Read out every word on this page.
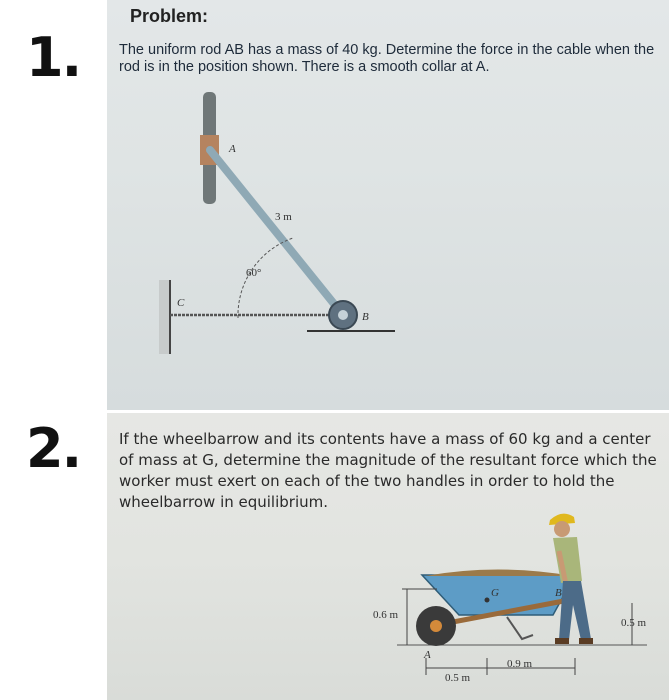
1.
2.
Problem:
The uniform rod AB has a mass of 40 kg. Determine the force in the cable when the rod is in the position shown. There is a smooth collar at A.
A
B
C
3 m
60°
If the wheelbarrow and its contents have a mass of 60 kg and a center of mass at G, determine the magnitude of the resultant force which the worker must exert on each of the two handles in order to hold the wheelbarrow in equilibrium.
G	B
A
0.6 m
0.5 m
0.5 m
0.9 m
